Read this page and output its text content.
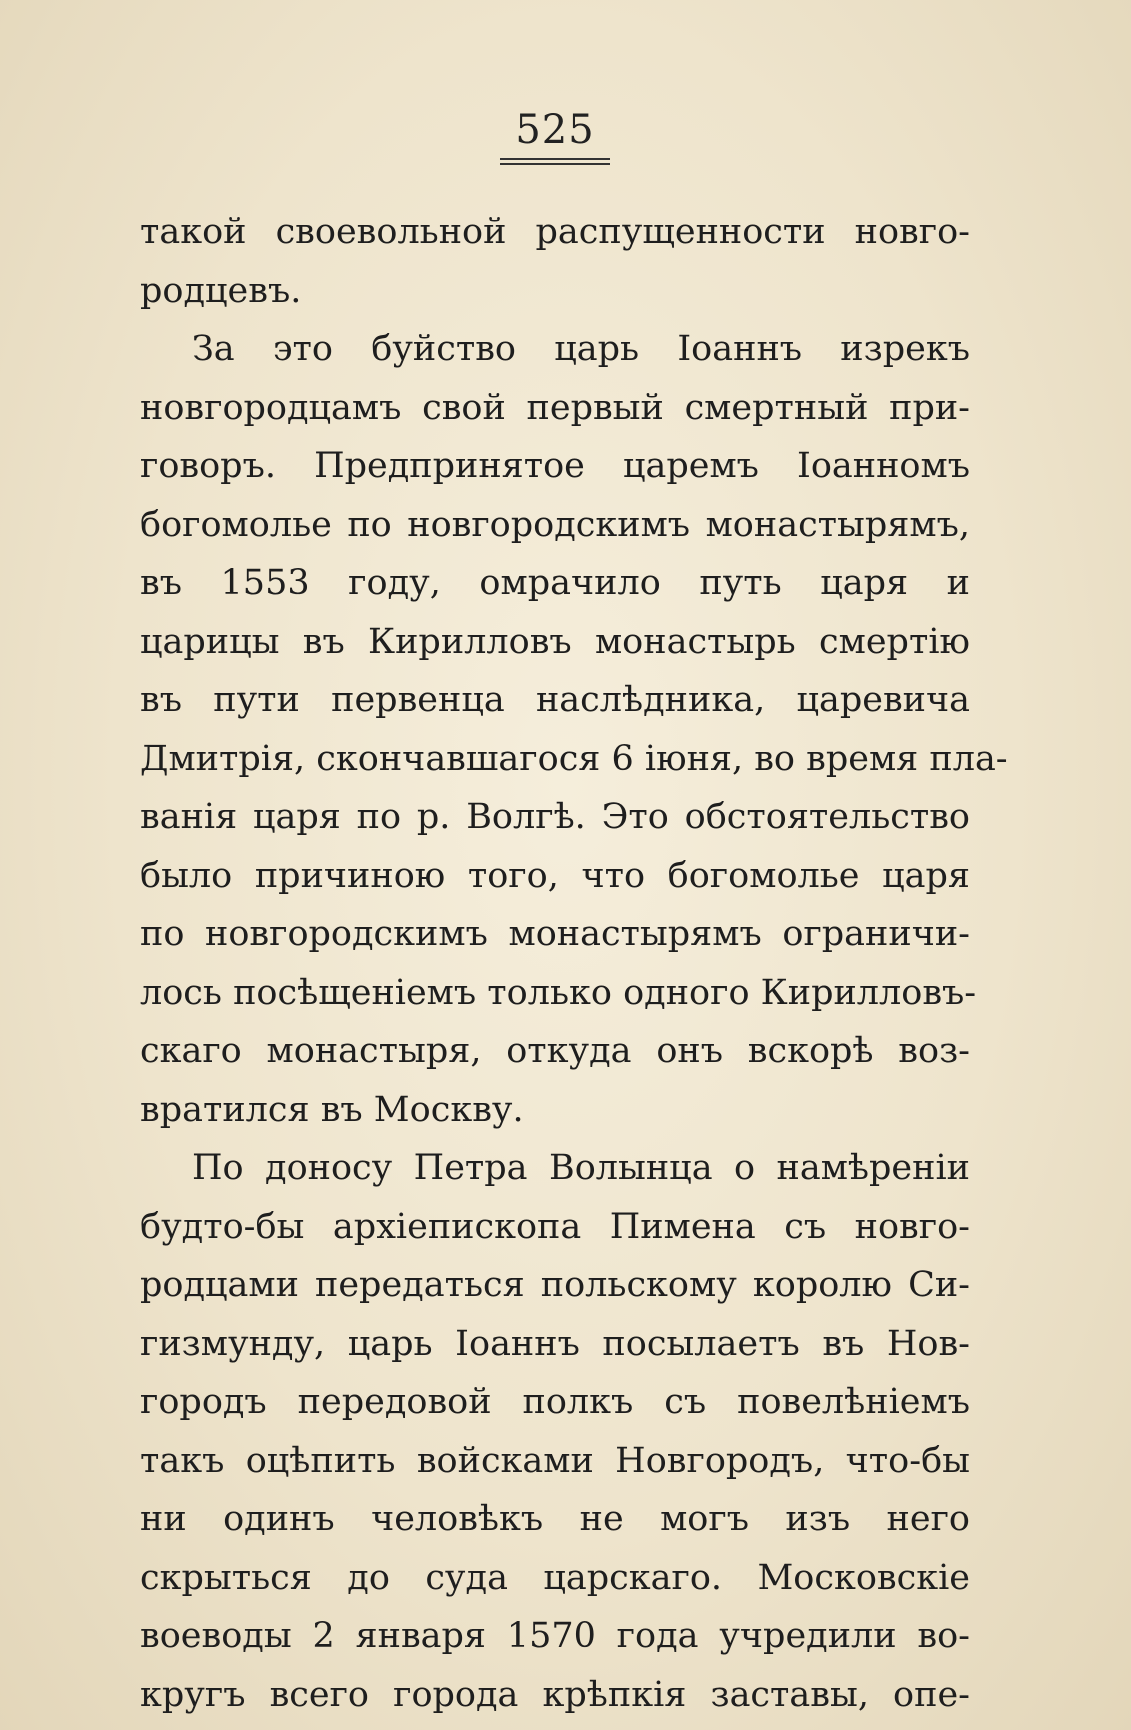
525
такой своевольной распущенности новго-
родцевъ.
За это буйство царь Іоаннъ изрекъ
новгородцамъ свой первый смертный при-
говоръ. Предпринятое царемъ Іоанномъ
богомолье по новгородскимъ монастырямъ,
въ 1553 году, омрачило путь царя и
царицы въ Кирилловъ монастырь смертію
въ пути первенца наслѣдника, царевича
Дмитрія, скончавшагося 6 іюня, во время пла-
ванія царя по р. Волгѣ. Это обстоятельство
было причиною того, что богомолье царя
по новгородскимъ монастырямъ ограничи-
лось посѣщеніемъ только одного Кирилловъ-
скаго монастыря, откуда онъ вскорѣ воз-
вратился въ Москву.
По доносу Петра Волынца о намѣреніи
будто-бы архіепископа Пимена съ новго-
родцами передаться польскому королю Си-
гизмунду, царь Іоаннъ посылаетъ въ Нов-
городъ передовой полкъ съ повелѣніемъ
такъ оцѣпить войсками Новгородъ, что-бы
ни одинъ человѣкъ не могъ изъ него
скрыться до суда царскаго. Московскіе
воеводы 2 января 1570 года учредили во-
кругъ всего города крѣпкія заставы, опе-
